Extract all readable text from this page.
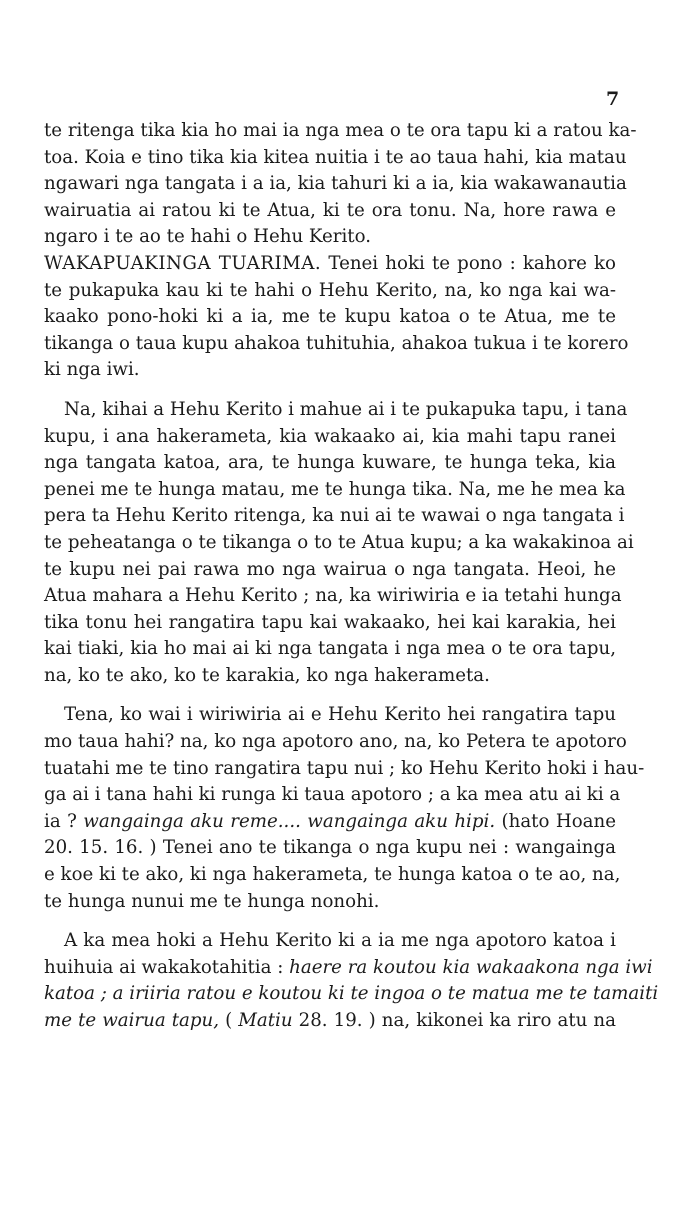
7
te ritenga tika kia ho mai ia nga mea o te ora tapu ki a ratou ka-
toa. Koia e tino tika kia kitea nuitia i te ao taua hahi, kia matau
ngawari nga tangata i a ia, kia tahuri ki a ia, kia wakawanautia
wairuatia ai ratou ki te Atua, ki te ora tonu. Na, hore rawa e
ngaro i te ao te hahi o Hehu Kerito.
WAKAPUAKINGA TUARIMA. Tenei hoki te pono : kahore ko
te pukapuka kau ki te hahi o Hehu Kerito, na, ko nga kai wa-
kaako pono-hoki ki a ia, me te kupu katoa o te Atua, me te
tikanga o taua kupu ahakoa tuhituhia, ahakoa tukua i te korero
ki nga iwi.
Na, kihai a Hehu Kerito i mahue ai i te pukapuka tapu, i tana
kupu, i ana hakerameta, kia wakaako ai, kia mahi tapu ranei
nga tangata katoa, ara, te hunga kuware, te hunga teka, kia
penei me te hunga matau, me te hunga tika. Na, me he mea ka
pera ta Hehu Kerito ritenga, ka nui ai te wawai o nga tangata i
te peheatanga o te tikanga o to te Atua kupu; a ka wakakinoa ai
te kupu nei pai rawa mo nga wairua o nga tangata. Heoi, he
Atua mahara a Hehu Kerito ; na, ka wiriwiria e ia tetahi hunga
tika tonu hei rangatira tapu kai wakaako, hei kai karakia, hei
kai tiaki, kia ho mai ai ki nga tangata i nga mea o te ora tapu,
na, ko te ako, ko te karakia, ko nga hakerameta.
Tena, ko wai i wiriwiria ai e Hehu Kerito hei rangatira tapu
mo taua hahi? na, ko nga apotoro ano, na, ko Petera te apotoro
tuatahi me te tino rangatira tapu nui ; ko Hehu Kerito hoki i hau-
ga ai i tana hahi ki runga ki taua apotoro ; a ka mea atu ai ki a
ia ? wangainga aku reme.... wangainga aku hipi. (hato Hoane
20. 15. 16. ) Tenei ano te tikanga o nga kupu nei : wangainga
e koe ki te ako, ki nga hakerameta, te hunga katoa o te ao, na,
te hunga nunui me te hunga nonohi.
A ka mea hoki a Hehu Kerito ki a ia me nga apotoro katoa i
huihuia ai wakakotahitia : haere ra koutou kia wakaakona nga iwi
katoa ; a iriiria ratou e koutou ki te ingoa o te matua me te tamaiti
me te wairua tapu, ( Matiu 28. 19. ) na, kikonei ka riro atu na
